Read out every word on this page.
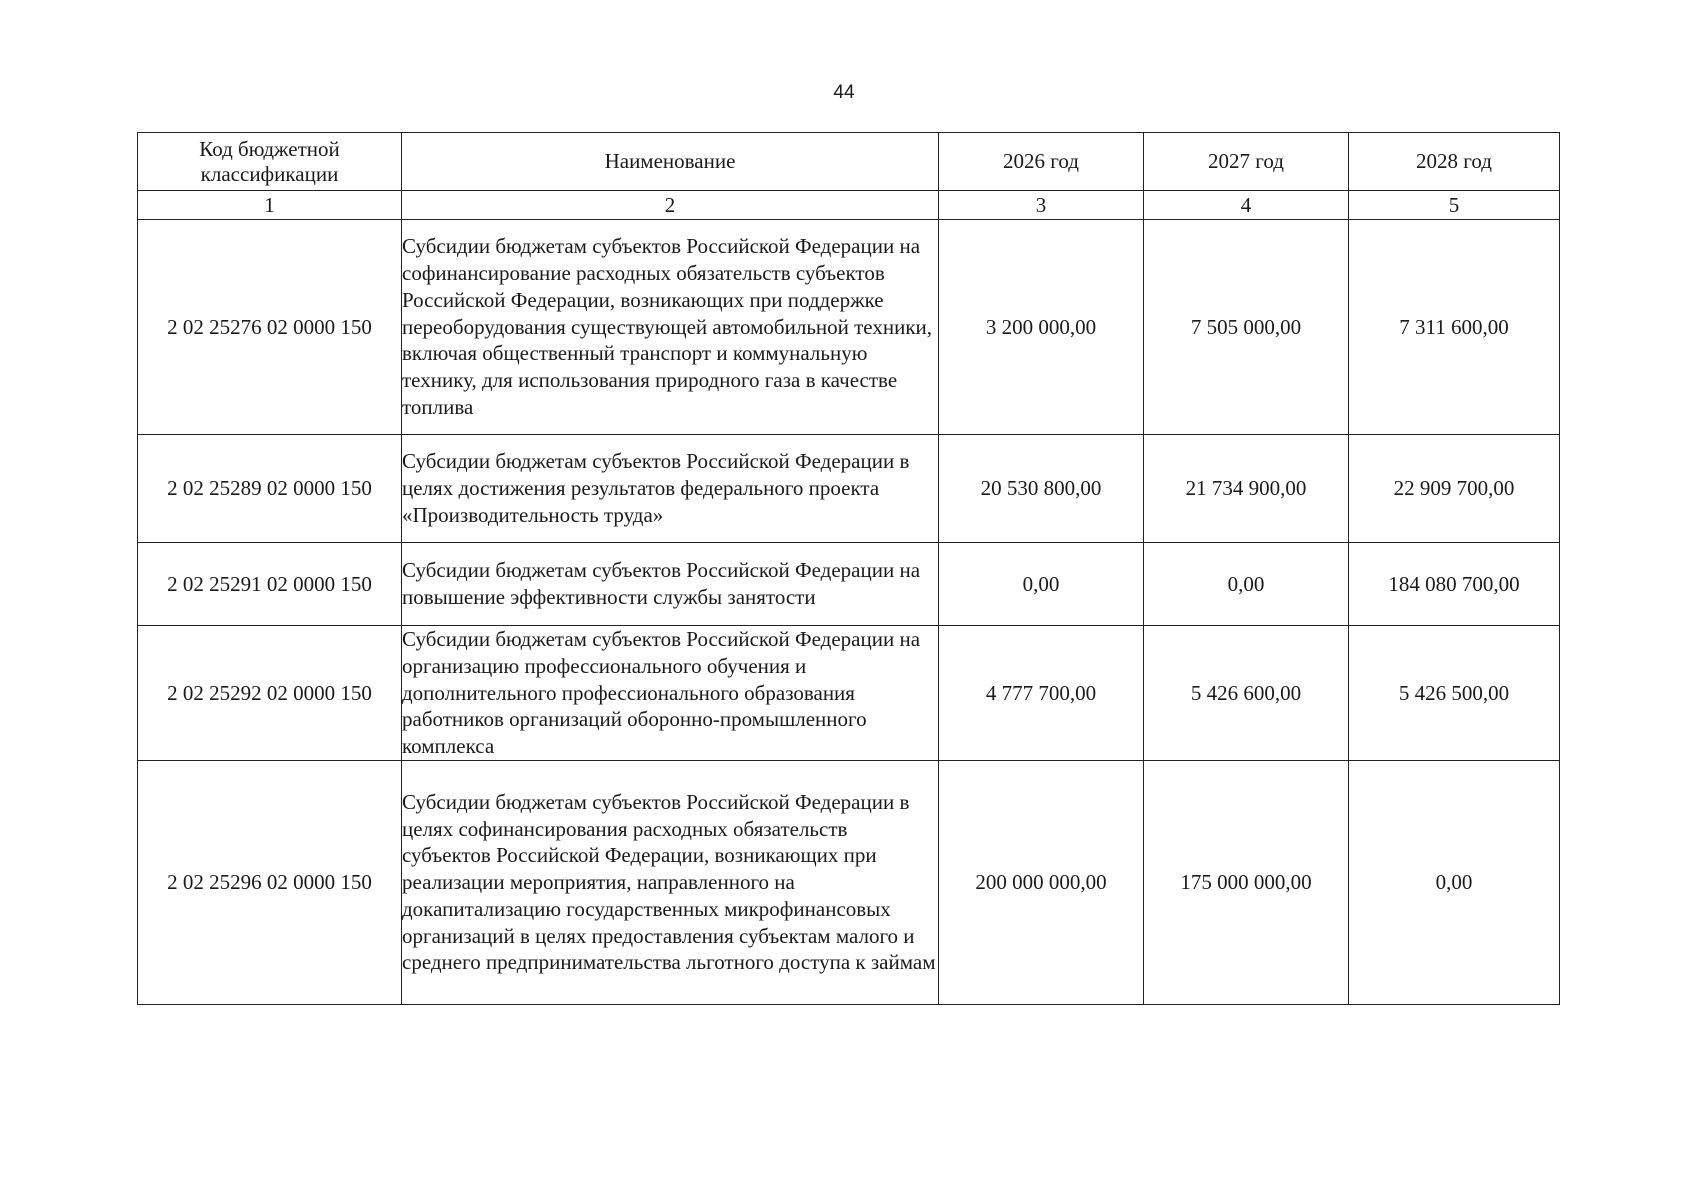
44
Код бюджетной классификации	Наименование	2026 год	2027 год	2028 год
1	2	3	4	5
2 02 25276 02 0000 150	Субсидии бюджетам субъектов Российской Федерации на софинансирование расходных обязательств субъектов Российской Федерации, возникающих при поддержке переоборудования существующей автомобильной техники, включая общественный транспорт и коммунальную технику, для использования природного газа в качестве топлива	3 200 000,00	7 505 000,00	7 311 600,00
2 02 25289 02 0000 150	Субсидии бюджетам субъектов Российской Федерации в целях достижения результатов федерального проекта «Производительность труда»	20 530 800,00	21 734 900,00	22 909 700,00
2 02 25291 02 0000 150	Субсидии бюджетам субъектов Российской Федерации на повышение эффективности службы занятости	0,00	0,00	184 080 700,00
2 02 25292 02 0000 150	Субсидии бюджетам субъектов Российской Федерации на организацию профессионального обучения и дополнительного профессионального образования работников организаций оборонно-промышленного комплекса	4 777 700,00	5 426 600,00	5 426 500,00
2 02 25296 02 0000 150	Субсидии бюджетам субъектов Российской Федерации в целях софинансирования расходных обязательств субъектов Российской Федерации, возникающих при реализации мероприятия, направленного на докапитализацию государственных микрофинансовых организаций в целях предоставления субъектам малого и среднего предпринимательства льготного доступа к займам	200 000 000,00	175 000 000,00	0,00
